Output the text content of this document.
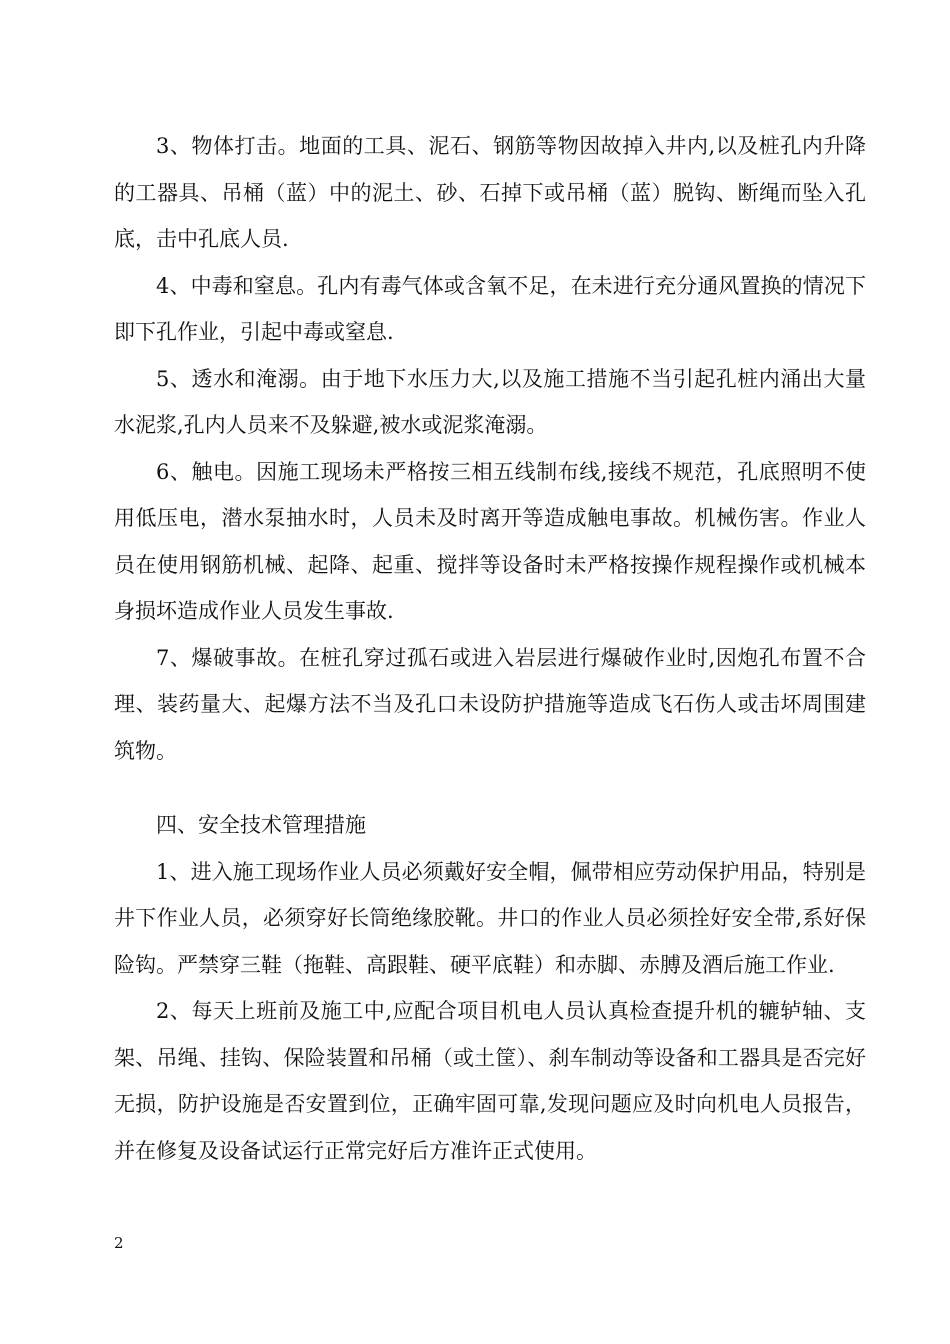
3、物体打击。地面的工具、泥石、钢筋等物因故掉入井内,以及桩孔内升降的工器具、吊桶（蓝）中的泥土、砂、石掉下或吊桶（蓝）脱钩、断绳而坠入孔底，击中孔底人员.

4、中毒和窒息。孔内有毒气体或含氧不足，在未进行充分通风置换的情况下即下孔作业，引起中毒或窒息.

5、透水和淹溺。由于地下水压力大,以及施工措施不当引起孔桩内涌出大量水泥浆,孔内人员来不及躲避,被水或泥浆淹溺。

6、触电。因施工现场未严格按三相五线制布线,接线不规范，孔底照明不使用低压电，潜水泵抽水时，人员未及时离开等造成触电事故。机械伤害。作业人员在使用钢筋机械、起降、起重、搅拌等设备时未严格按操作规程操作或机械本身损坏造成作业人员发生事故.

7、爆破事故。在桩孔穿过孤石或进入岩层进行爆破作业时,因炮孔布置不合理、装药量大、起爆方法不当及孔口未设防护措施等造成飞石伤人或击坏周围建筑物。

四、安全技术管理措施

1、进入施工现场作业人员必须戴好安全帽，佩带相应劳动保护用品，特别是井下作业人员，必须穿好长筒绝缘胶靴。井口的作业人员必须拴好安全带,系好保险钩。严禁穿三鞋（拖鞋、高跟鞋、硬平底鞋）和赤脚、赤膊及酒后施工作业.

2、每天上班前及施工中,应配合项目机电人员认真检查提升机的辘轳轴、支架、吊绳、挂钩、保险装置和吊桶（或土筐）、刹车制动等设备和工器具是否完好无损，防护设施是否安置到位，正确牢固可靠,发现问题应及时向机电人员报告，并在修复及设备试运行正常完好后方准许正式使用。

2
